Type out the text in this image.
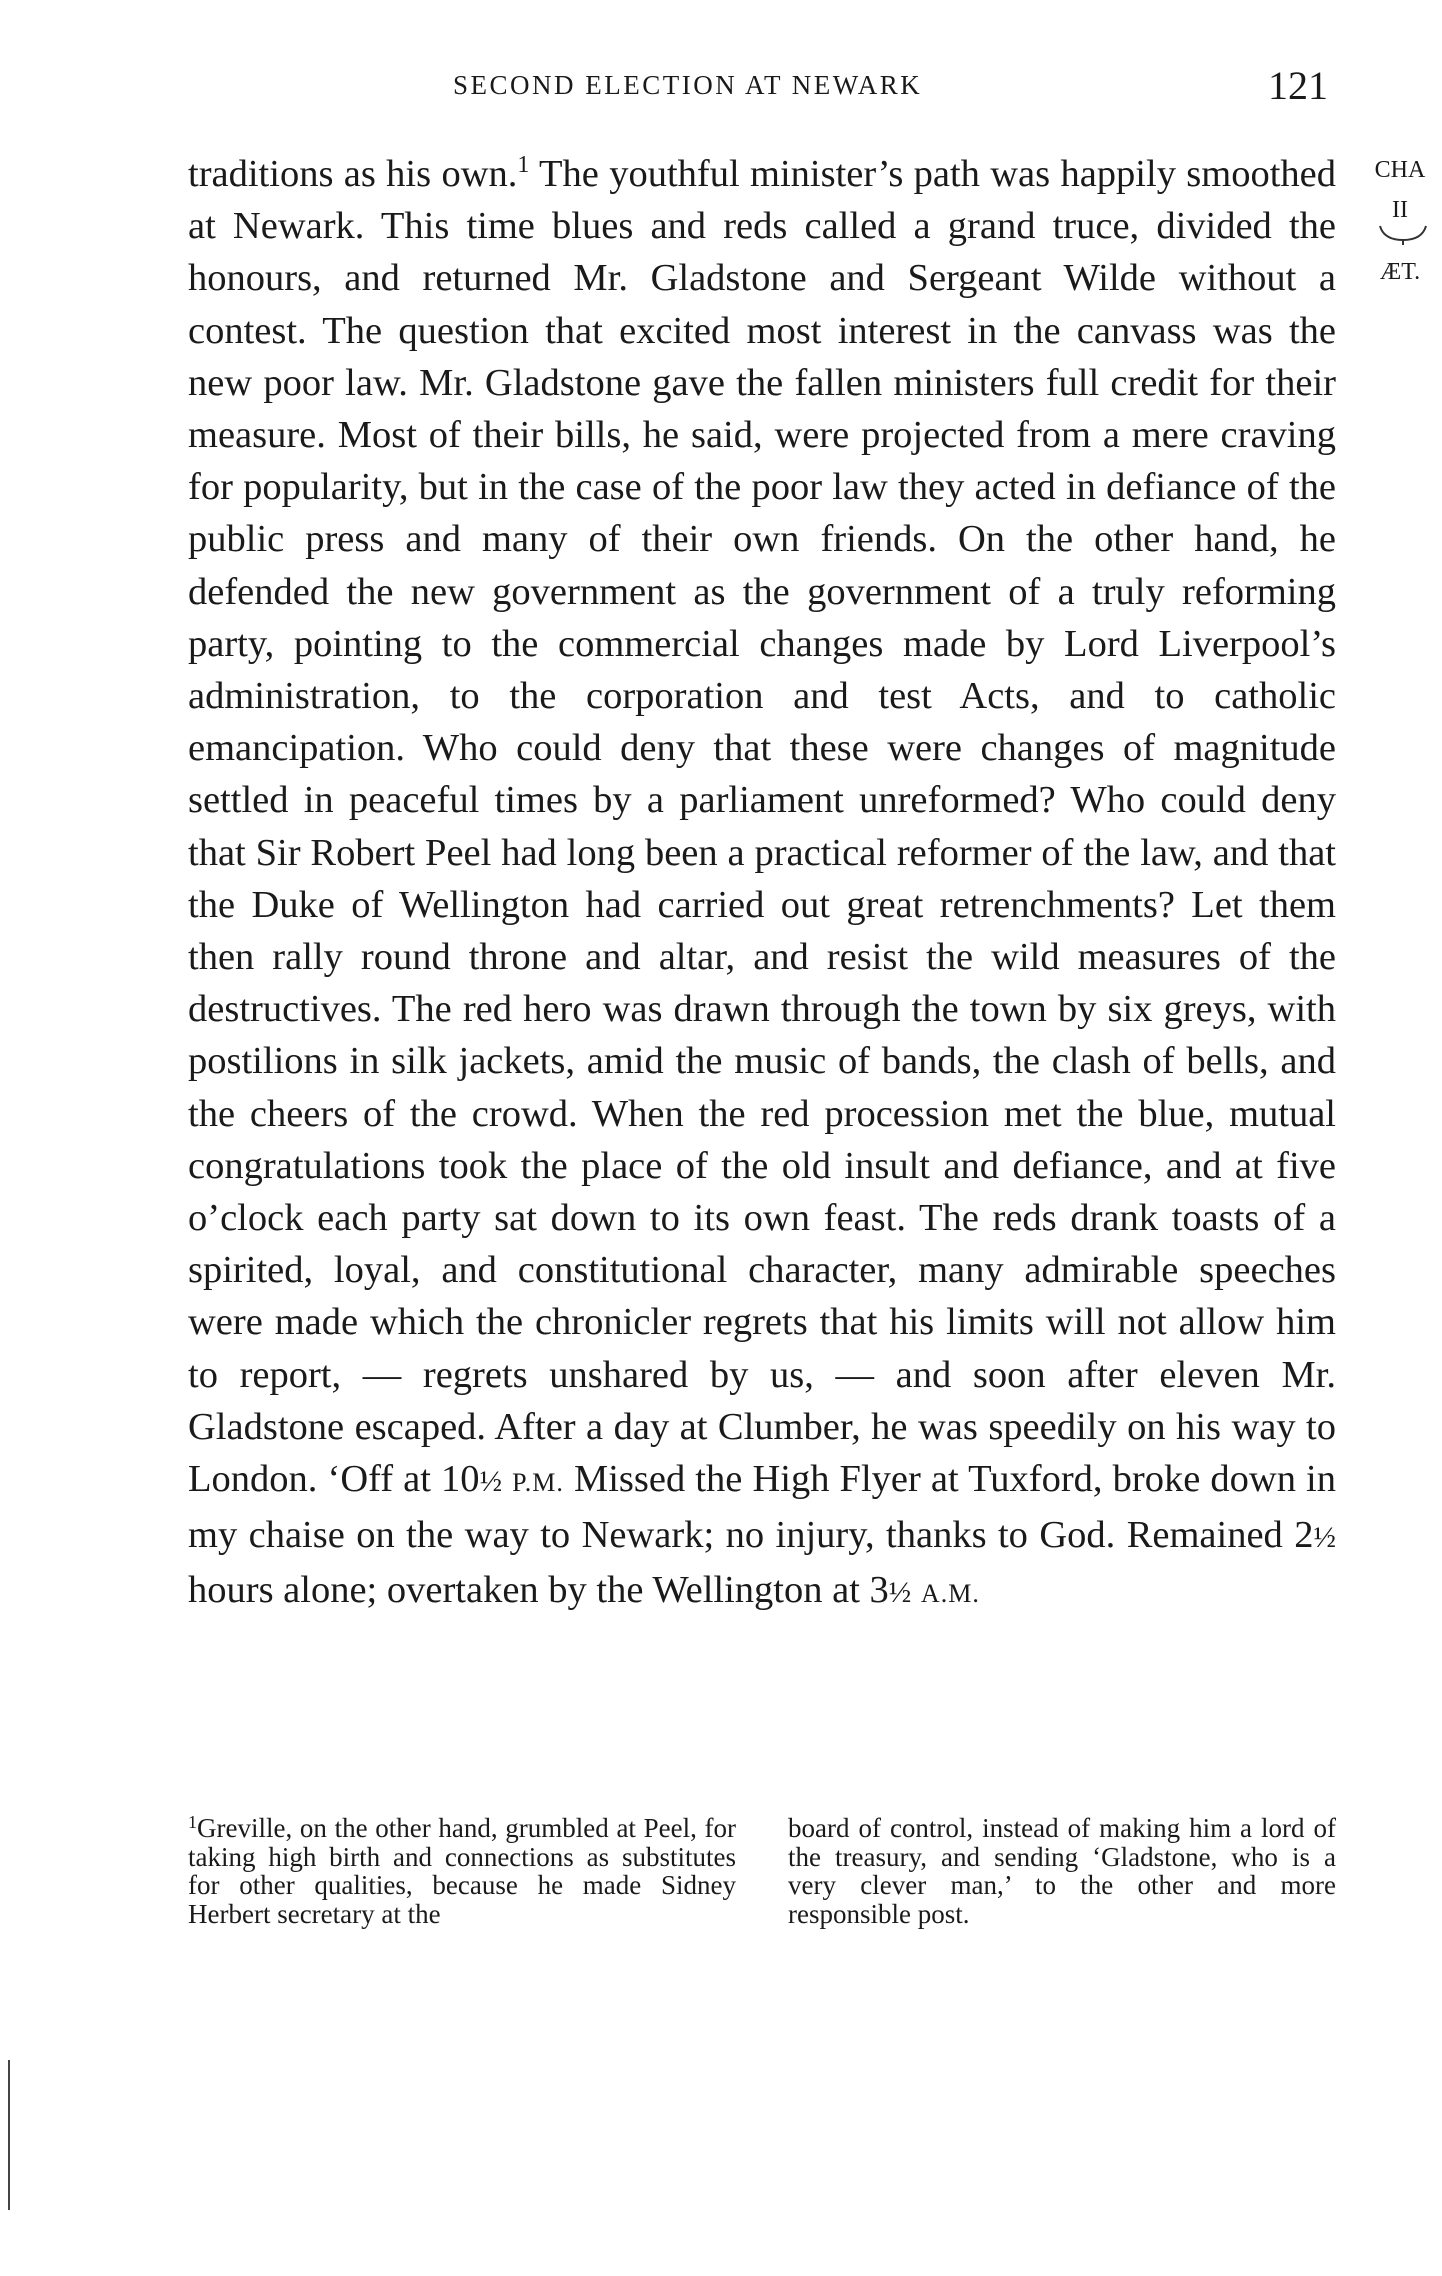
SECOND ELECTION AT NEWARK	121
CHA
II
ÆT.

traditions as his own.$^1$ The youthful minister’s path was happily smoothed at Newark. This time blues and reds called a grand truce, divided the honours, and returned Mr. Gladstone and Sergeant Wilde without a contest. The question that excited most interest in the canvass was the new poor law. Mr. Gladstone gave the fallen ministers full credit for their measure. Most of their bills, he said, were projected from a mere craving for popularity, but in the case of the poor law they acted in defiance of the public press and many of their own friends. On the other hand, he defended the new government as the government of a truly reforming party, pointing to the commercial changes made by Lord Liverpool’s administration, to the corporation and test Acts, and to catholic emancipation. Who could deny that these were changes of magnitude settled in peaceful times by a parliament unreformed? Who could deny that Sir Robert Peel had long been a practical reformer of the law, and that the Duke of Wellington had carried out great retrenchments? Let them then rally round throne and altar, and resist the wild measures of the destructives. The red hero was drawn through the town by six greys, with postilions in silk jackets, amid the music of bands, the clash of bells, and the cheers of the crowd. When the red procession met the blue, mutual congratulations took the place of the old insult and defiance, and at five o’clock each party sat down to its own feast. The reds drank toasts of a spirited, loyal, and constitutional character, many admirable speeches were made which the chronicler regrets that his limits will not allow him to report, — regrets unshared by us, — and soon after eleven Mr. Gladstone escaped. After a day at Clumber, he was speedily on his way to London. ‘Off at 10½ P.M. Missed the High Flyer at Tuxford, broke down in my chaise on the way to Newark; no injury, thanks to God. Remained 2½ hours alone; overtaken by the Wellington at 3½ A.M.

$^1$Greville, on the other hand, grumbled at Peel, for taking high birth and connections as substitutes for other qualities, because he made Sidney Herbert secretary at the
board of control, instead of making him a lord of the treasury, and sending ‘Gladstone, who is a very clever man,’ to the other and more responsible post.
